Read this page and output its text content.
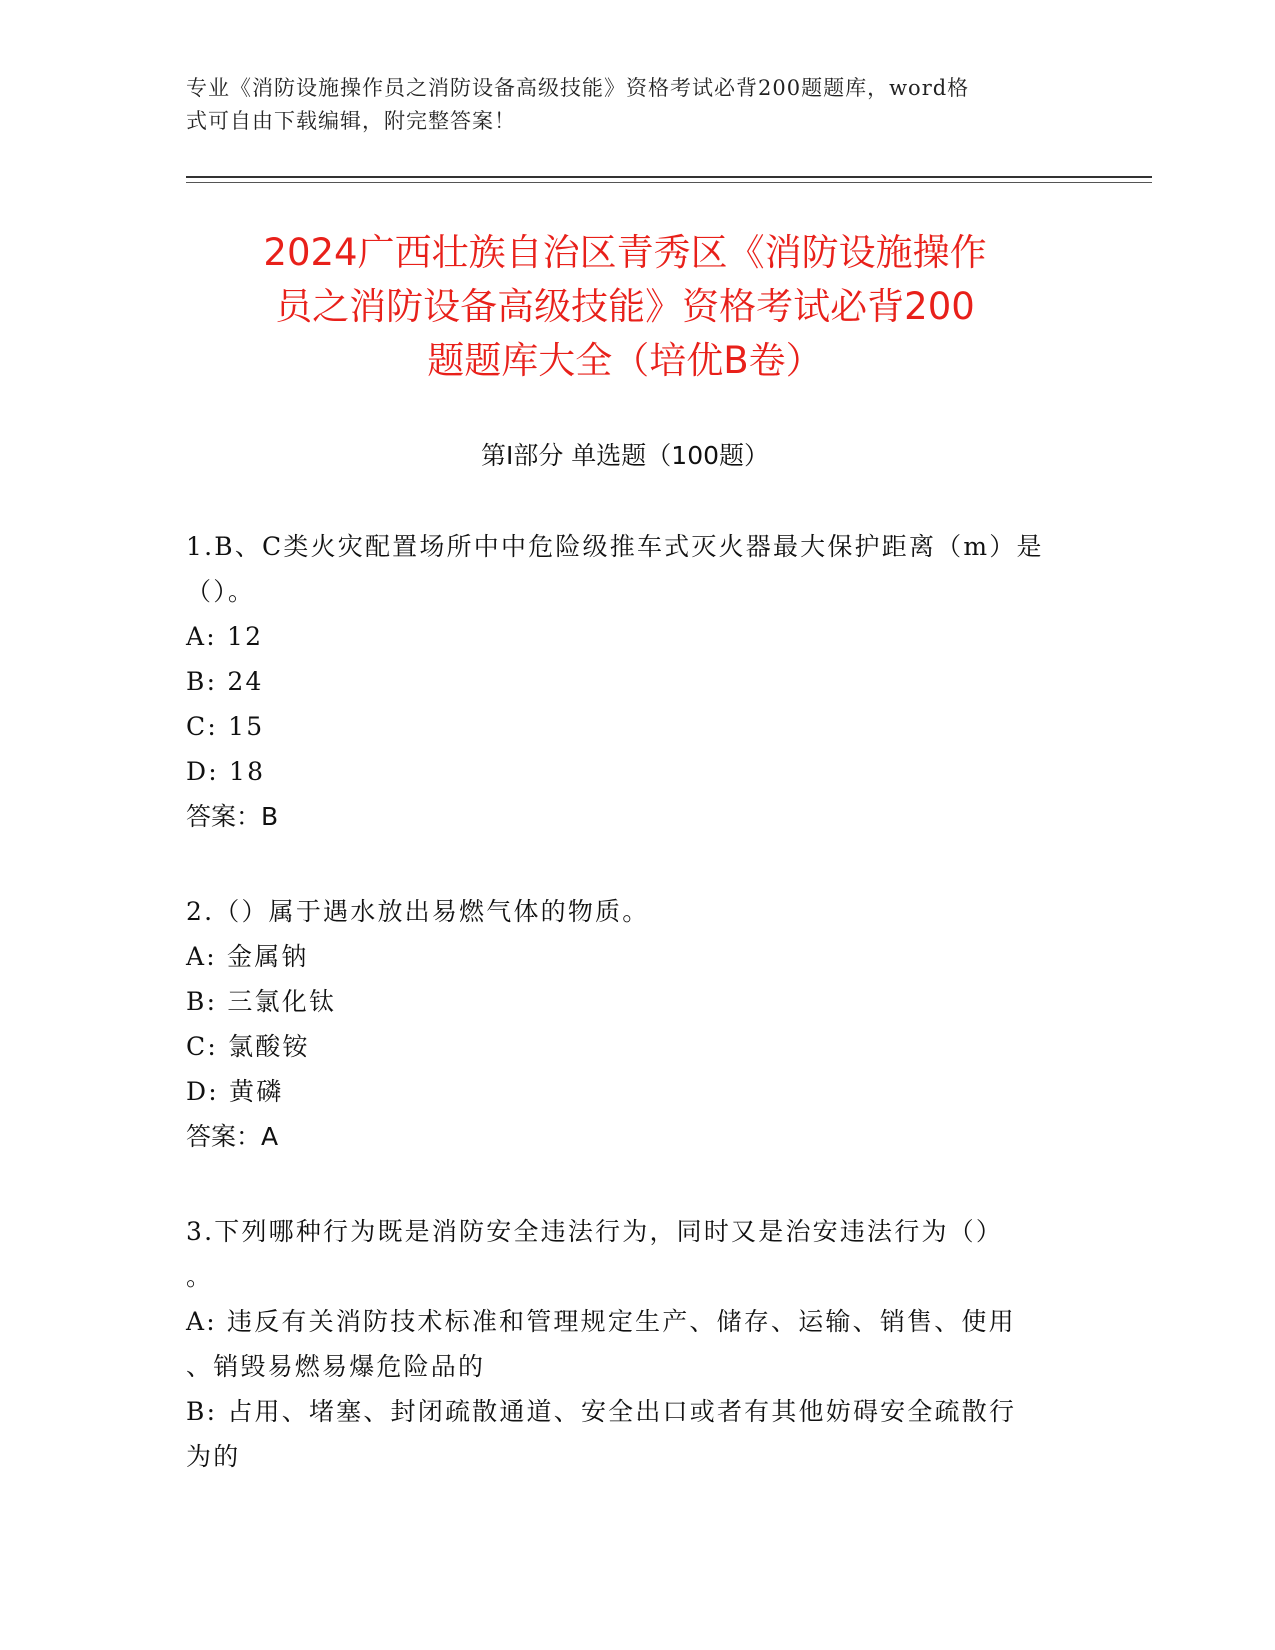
专业《消防设施操作员之消防设备高级技能》资格考试必背200题题库，word格
式可自由下载编辑，附完整答案！
2024广西壮族自治区青秀区《消防设施操作
员之消防设备高级技能》资格考试必背200
题题库大全（培优B卷）
第Ⅰ部分 单选题（100题）
1.B、C类火灾配置场所中中危险级推车式灭火器最大保护距离（m）是
（）。
A: 12
B: 24
C: 15
D: 18
答案：B
2.（）属于遇水放出易燃气体的物质。
A: 金属钠
B: 三氯化钛
C: 氯酸铵
D: 黄磷
答案：A
3.下列哪种行为既是消防安全违法行为，同时又是治安违法行为（）
。
A: 违反有关消防技术标准和管理规定生产、储存、运输、销售、使用
、销毁易燃易爆危险品的
B: 占用、堵塞、封闭疏散通道、安全出口或者有其他妨碍安全疏散行
为的
